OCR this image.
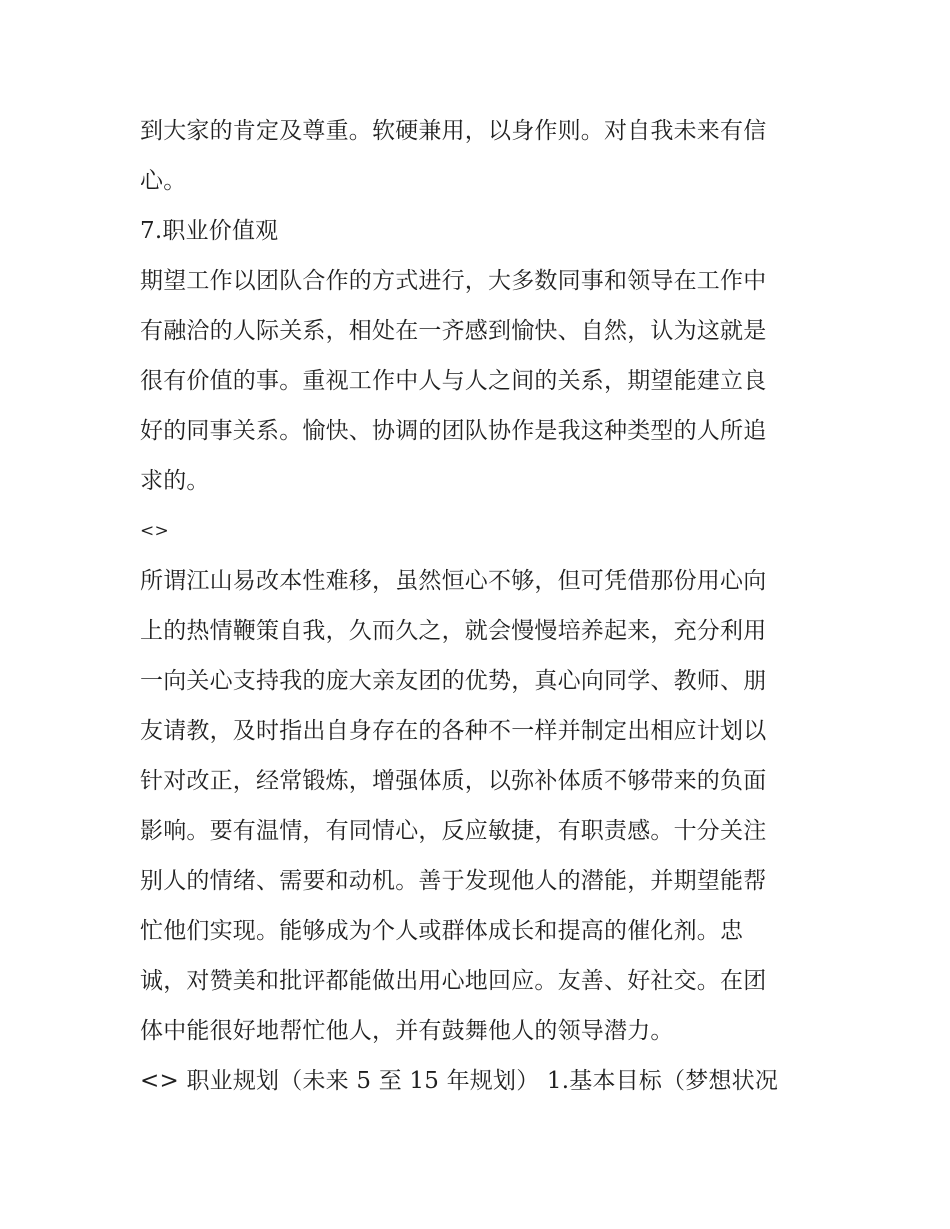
到大家的肯定及尊重。软硬兼用，以身作则。对自我未来有信
心。
7.职业价值观
期望工作以团队合作的方式进行，大多数同事和领导在工作中
有融洽的人际关系，相处在一齐感到愉快、自然，认为这就是
很有价值的事。重视工作中人与人之间的关系，期望能建立良
好的同事关系。愉快、协调的团队协作是我这种类型的人所追
求的。
<>
所谓江山易改本性难移，虽然恒心不够，但可凭借那份用心向
上的热情鞭策自我，久而久之，就会慢慢培养起来，充分利用
一向关心支持我的庞大亲友团的优势，真心向同学、教师、朋
友请教，及时指出自身存在的各种不一样并制定出相应计划以
针对改正，经常锻炼，增强体质，以弥补体质不够带来的负面
影响。要有温情，有同情心，反应敏捷，有职责感。十分关注
别人的情绪、需要和动机。善于发现他人的潜能，并期望能帮
忙他们实现。能够成为个人或群体成长和提高的催化剂。忠
诚，对赞美和批评都能做出用心地回应。友善、好社交。在团
体中能很好地帮忙他人，并有鼓舞他人的领导潜力。
<> 职业规划（未来 5 至 15 年规划） 1.基本目标（梦想状况
